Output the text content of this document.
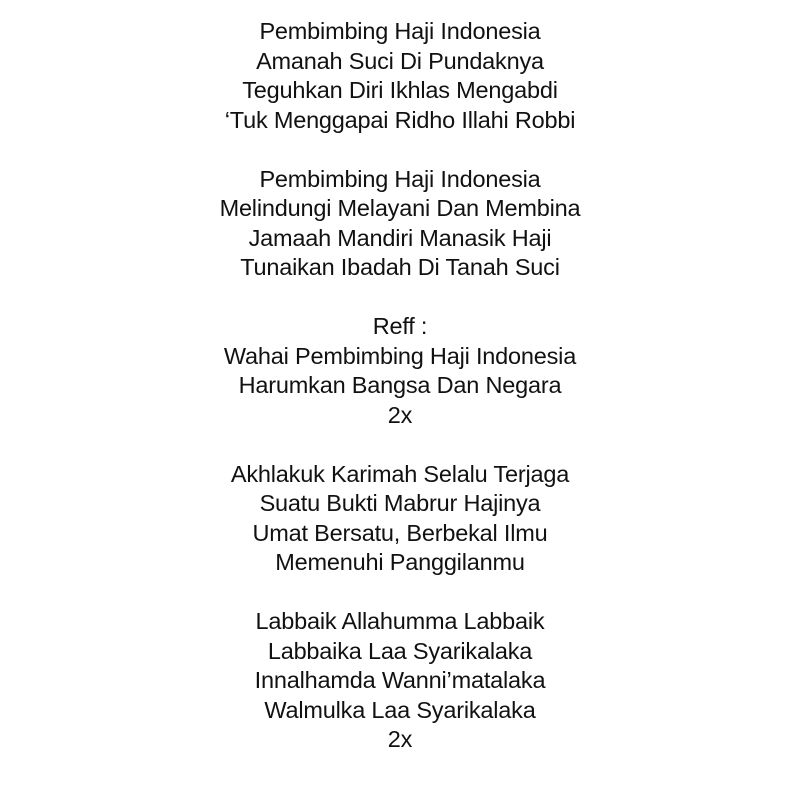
Pembimbing Haji Indonesia
Amanah Suci Di Pundaknya
Teguhkan Diri Ikhlas Mengabdi
‘Tuk Menggapai Ridho Illahi Robbi
Pembimbing Haji Indonesia
Melindungi Melayani Dan Membina
Jamaah Mandiri Manasik Haji
Tunaikan Ibadah Di Tanah Suci
Reff :
Wahai Pembimbing Haji Indonesia
Harumkan Bangsa Dan Negara
2x
Akhlakuk Karimah Selalu Terjaga
Suatu Bukti Mabrur Hajinya
Umat Bersatu, Berbekal Ilmu
Memenuhi Panggilanmu
Labbaik Allahumma Labbaik
Labbaika Laa Syarikalaka
Innalhamda Wanni’matalaka
Walmulka Laa Syarikalaka
2x
